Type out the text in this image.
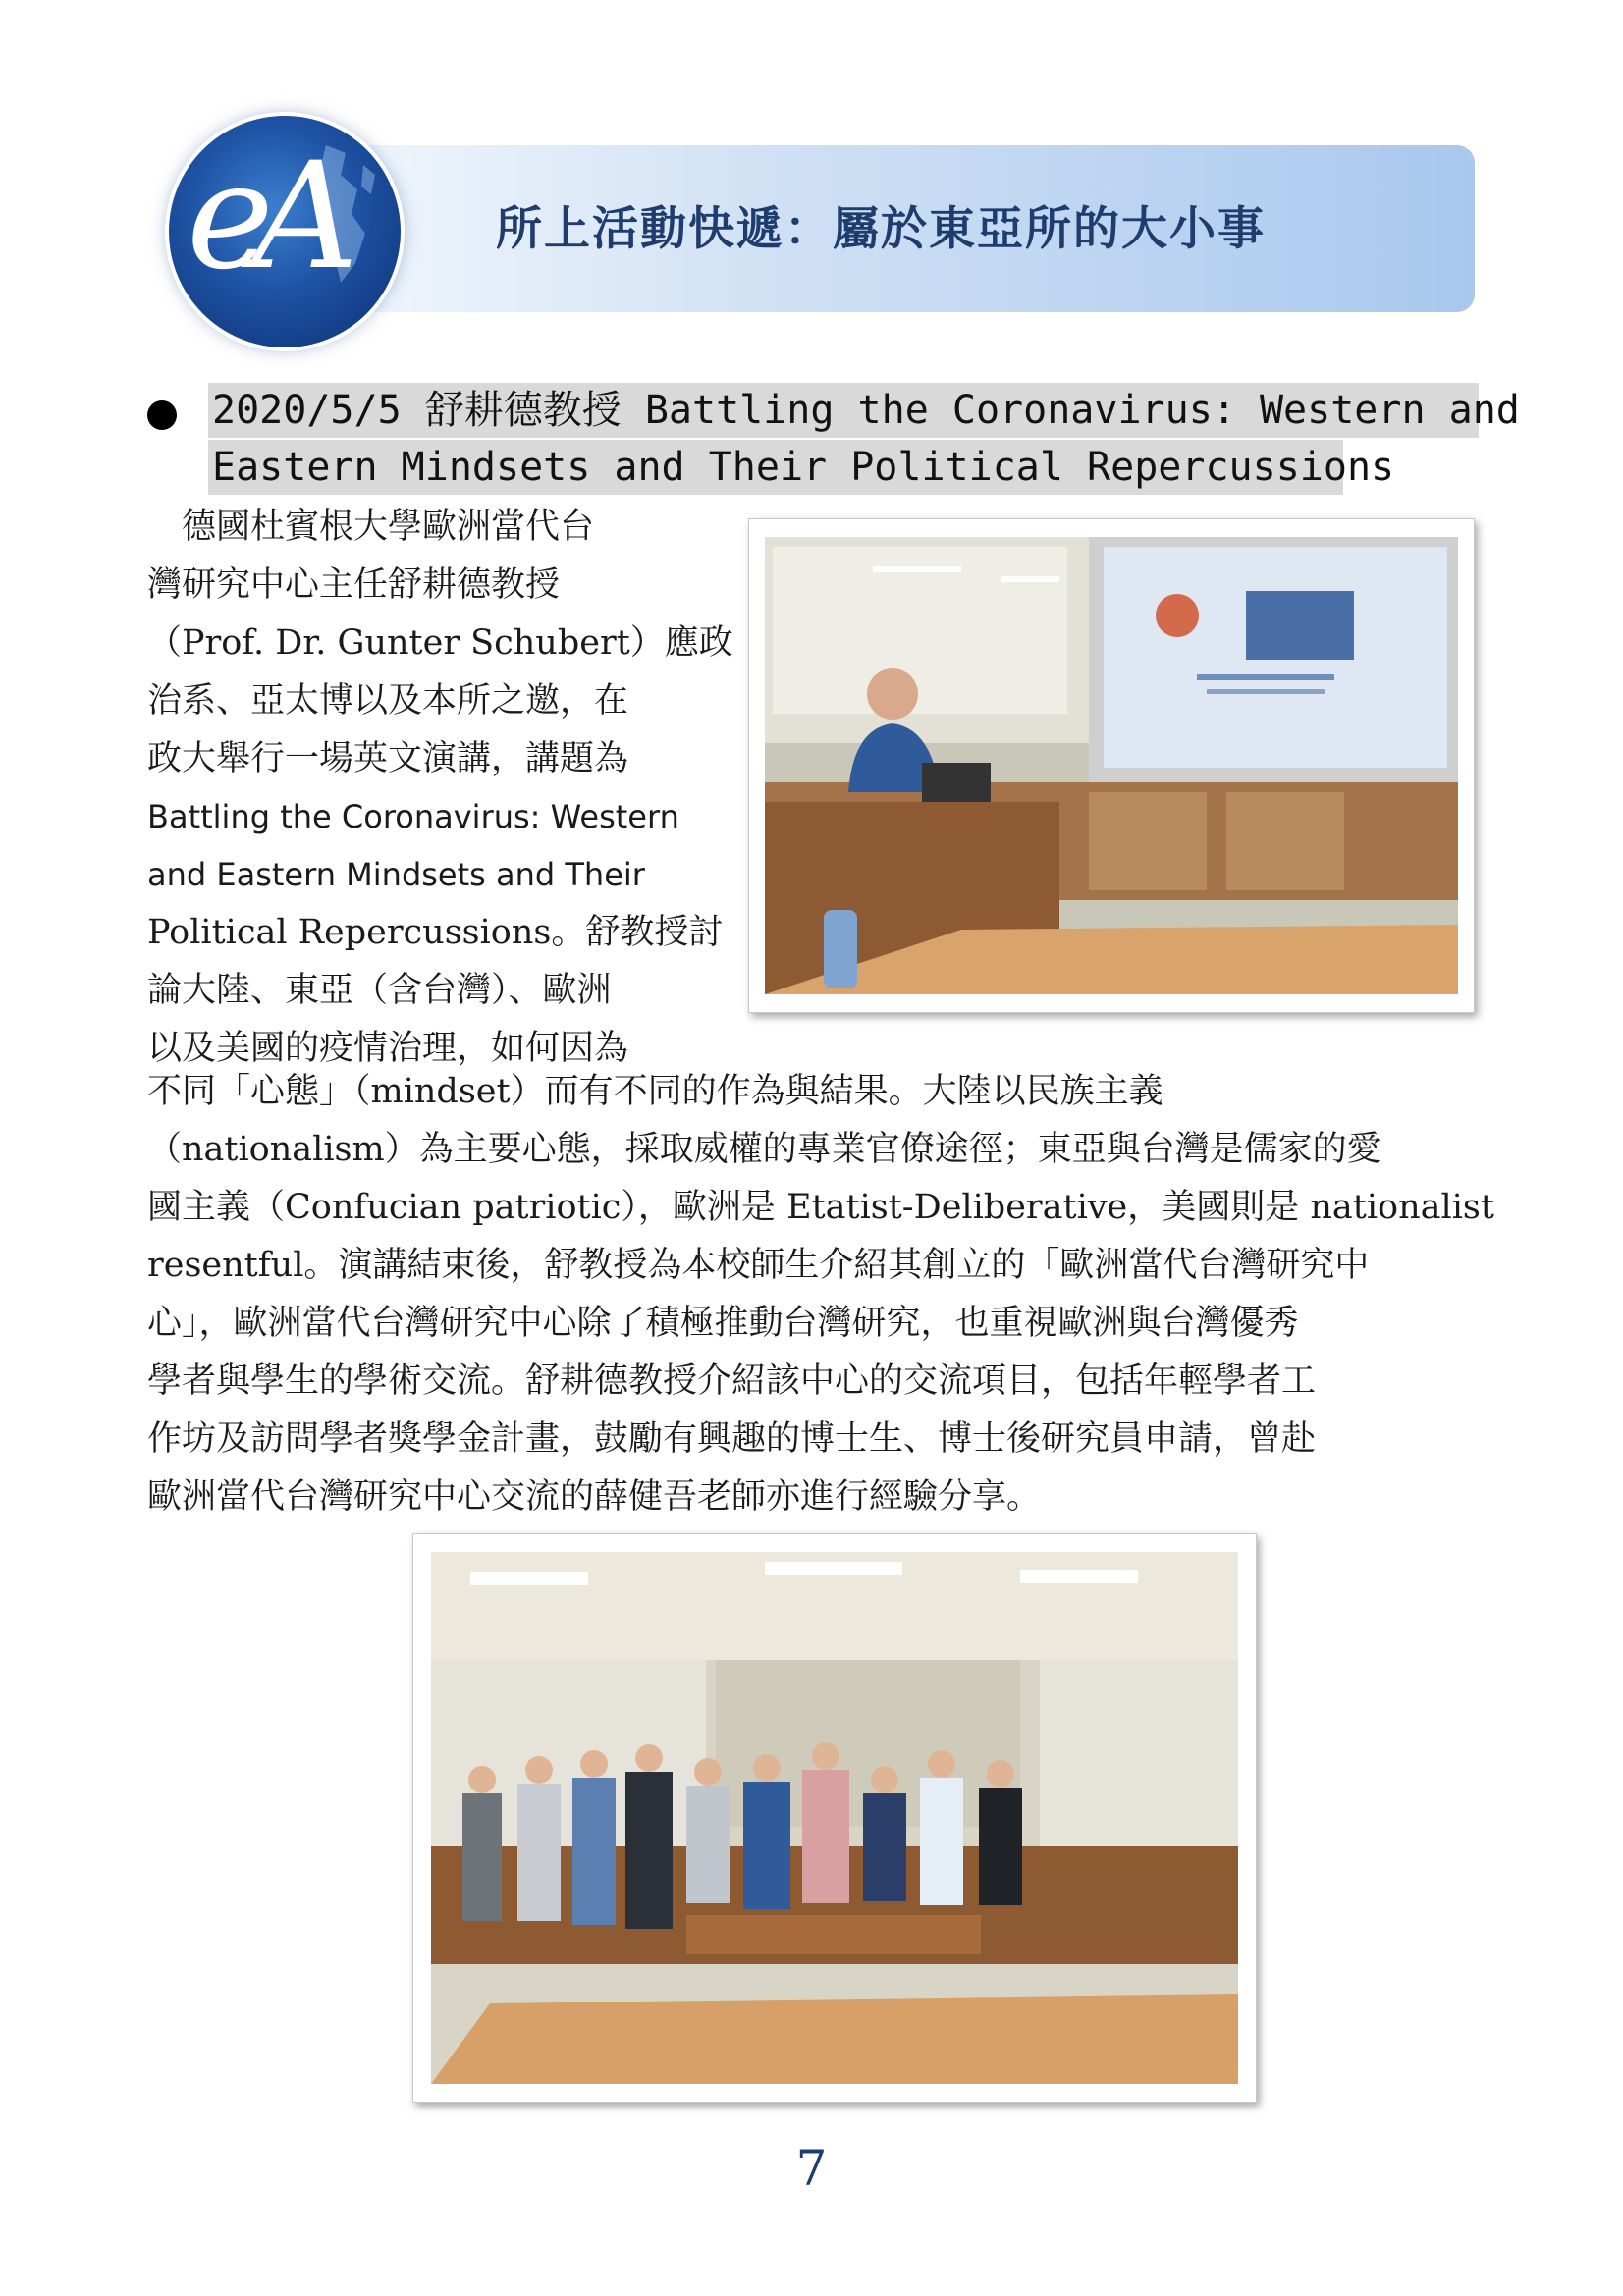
所上活動快遞：屬於東亞所的大小事
eA
2020/5/5 舒耕德教授 Battling the Coronavirus: Western and
Eastern Mindsets and Their Political Repercussions
　德國杜賓根大學歐洲當代台
灣研究中心主任舒耕德教授
（Prof. Dr. Gunter Schubert）應政
治系、亞太博以及本所之邀，在
政大舉行一場英文演講，講題為
Battling the Coronavirus: Western
and Eastern Mindsets and Their
Political Repercussions。舒教授討
論大陸、東亞（含台灣）、歐洲
以及美國的疫情治理，如何因為
不同「心態」（mindset）而有不同的作為與結果。大陸以民族主義
（nationalism）為主要心態，採取威權的專業官僚途徑；東亞與台灣是儒家的愛
國主義（Confucian patriotic），歐洲是 Etatist-Deliberative，美國則是 nationalist
resentful。演講結束後，舒教授為本校師生介紹其創立的「歐洲當代台灣研究中
心」，歐洲當代台灣研究中心除了積極推動台灣研究，也重視歐洲與台灣優秀
學者與學生的學術交流。舒耕德教授介紹該中心的交流項目，包括年輕學者工
作坊及訪問學者獎學金計畫，鼓勵有興趣的博士生、博士後研究員申請，曾赴
歐洲當代台灣研究中心交流的薛健吾老師亦進行經驗分享。
7
